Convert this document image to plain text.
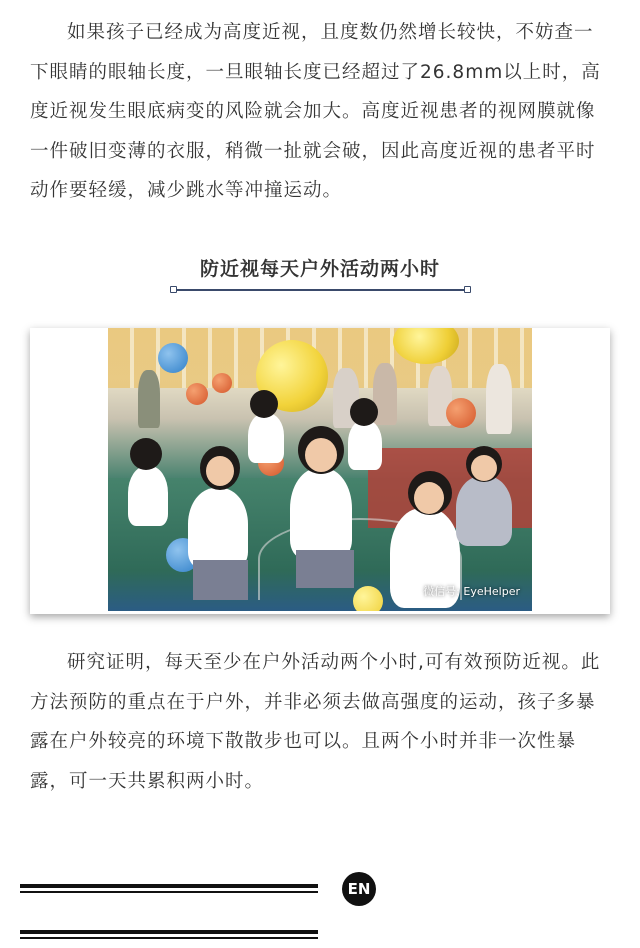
如果孩子已经成为高度近视，且度数仍然增长较快，不妨查一下眼睛的眼轴长度，一旦眼轴长度已经超过了26.8mm以上时，高度近视发生眼底病变的风险就会加大。高度近视患者的视网膜就像一件破旧变薄的衣服，稍微一扯就会破，因此高度近视的患者平时动作要轻缓，减少跳水等冲撞运动。

防近视每天户外活动两小时
微信号: EyeHelper

研究证明，每天至少在户外活动两个小时,可有效预防近视。此方法预防的重点在于户外，并非必须去做高强度的运动，孩子多暴露在户外较亮的环境下散散步也可以。且两个小时并非一次性暴露，可一天共累积两小时。

EN
